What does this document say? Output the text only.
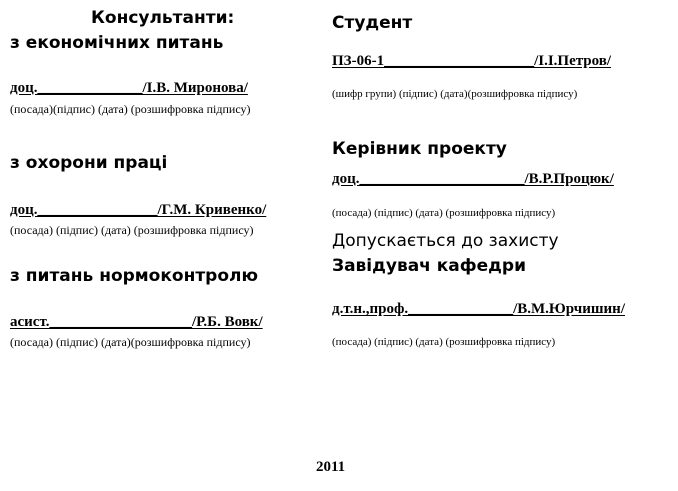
Консультанти:
з економічних питань
доц.______________/І.В. Миронова/
(посада)(підпис) (дата) (розшифровка підпису)
з охорони праці
доц.________________/Г.М. Кривенко/
(посада) (підпис) (дата) (розшифровка підпису)
з питань нормоконтролю
асист.___________________/Р.Б. Вовк/
(посада) (підпис) (дата)(розшифровка підпису)
Студент
ПЗ-06-1____________________/І.І.Петров/
(шифр групи) (підпис) (дата)(розшифровка підпису)
Керівник проекту
доц.______________________/В.Р.Процюк/
(посада) (підпис) (дата) (розшифровка підпису)
Допускається до захисту
Завідувач кафедри
д.т.н.,проф.______________/В.М.Юрчишин/
(посада) (підпис) (дата) (розшифровка підпису)
2011
